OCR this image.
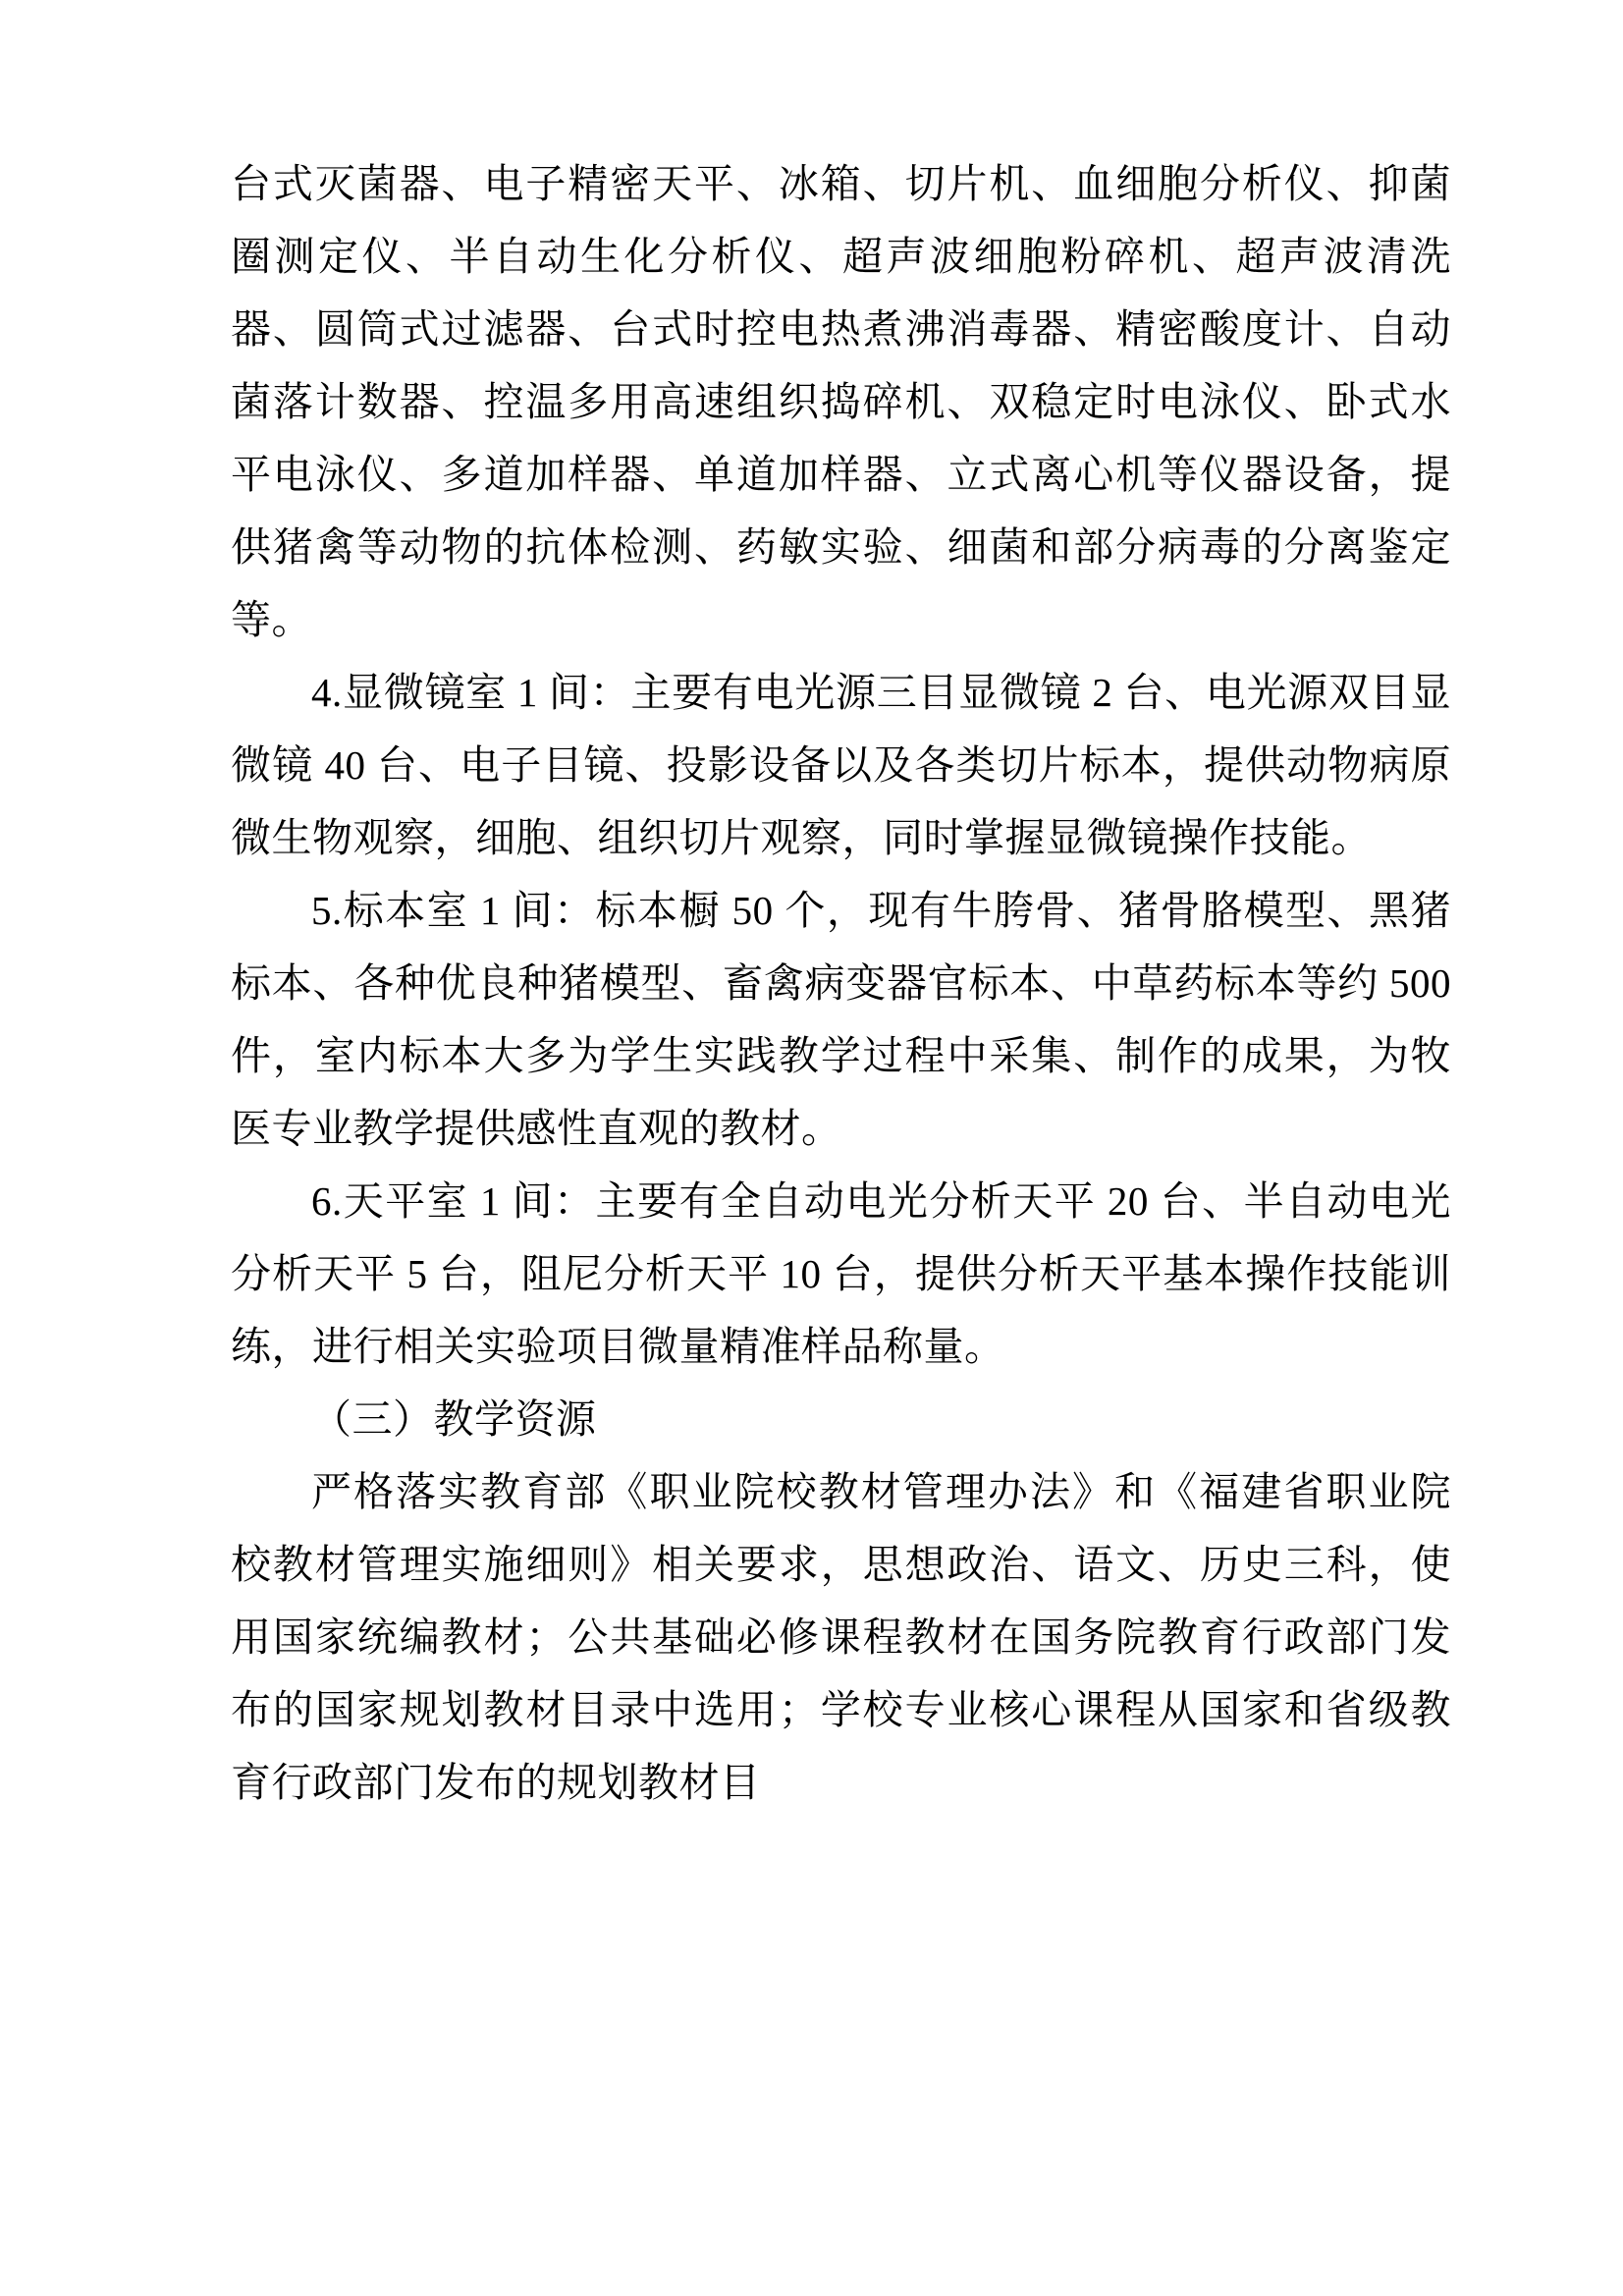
台式灭菌器、电子精密天平、冰箱、切片机、血细胞分析仪、抑菌圈测定仪、半自动生化分析仪、超声波细胞粉碎机、超声波清洗器、圆筒式过滤器、台式时控电热煮沸消毒器、精密酸度计、自动菌落计数器、控温多用高速组织捣碎机、双稳定时电泳仪、卧式水平电泳仪、多道加样器、单道加样器、立式离心机等仪器设备，提供猪禽等动物的抗体检测、药敏实验、细菌和部分病毒的分离鉴定等。

4.显微镜室 1 间：主要有电光源三目显微镜 2 台、电光源双目显微镜 40 台、电子目镜、投影设备以及各类切片标本，提供动物病原微生物观察，细胞、组织切片观察，同时掌握显微镜操作技能。

5.标本室 1 间：标本橱 50 个，现有牛胯骨、猪骨胳模型、黑猪标本、各种优良种猪模型、畜禽病变器官标本、中草药标本等约 500 件，室内标本大多为学生实践教学过程中采集、制作的成果，为牧医专业教学提供感性直观的教材。

6.天平室 1 间：主要有全自动电光分析天平 20 台、半自动电光分析天平 5 台，阻尼分析天平 10 台，提供分析天平基本操作技能训练，进行相关实验项目微量精准样品称量。

（三）教学资源

严格落实教育部《职业院校教材管理办法》和《福建省职业院校教材管理实施细则》相关要求，思想政治、语文、历史三科，使用国家统编教材；公共基础必修课程教材在国务院教育行政部门发布的国家规划教材目录中选用；学校专业核心课程从国家和省级教育行政部门发布的规划教材目
